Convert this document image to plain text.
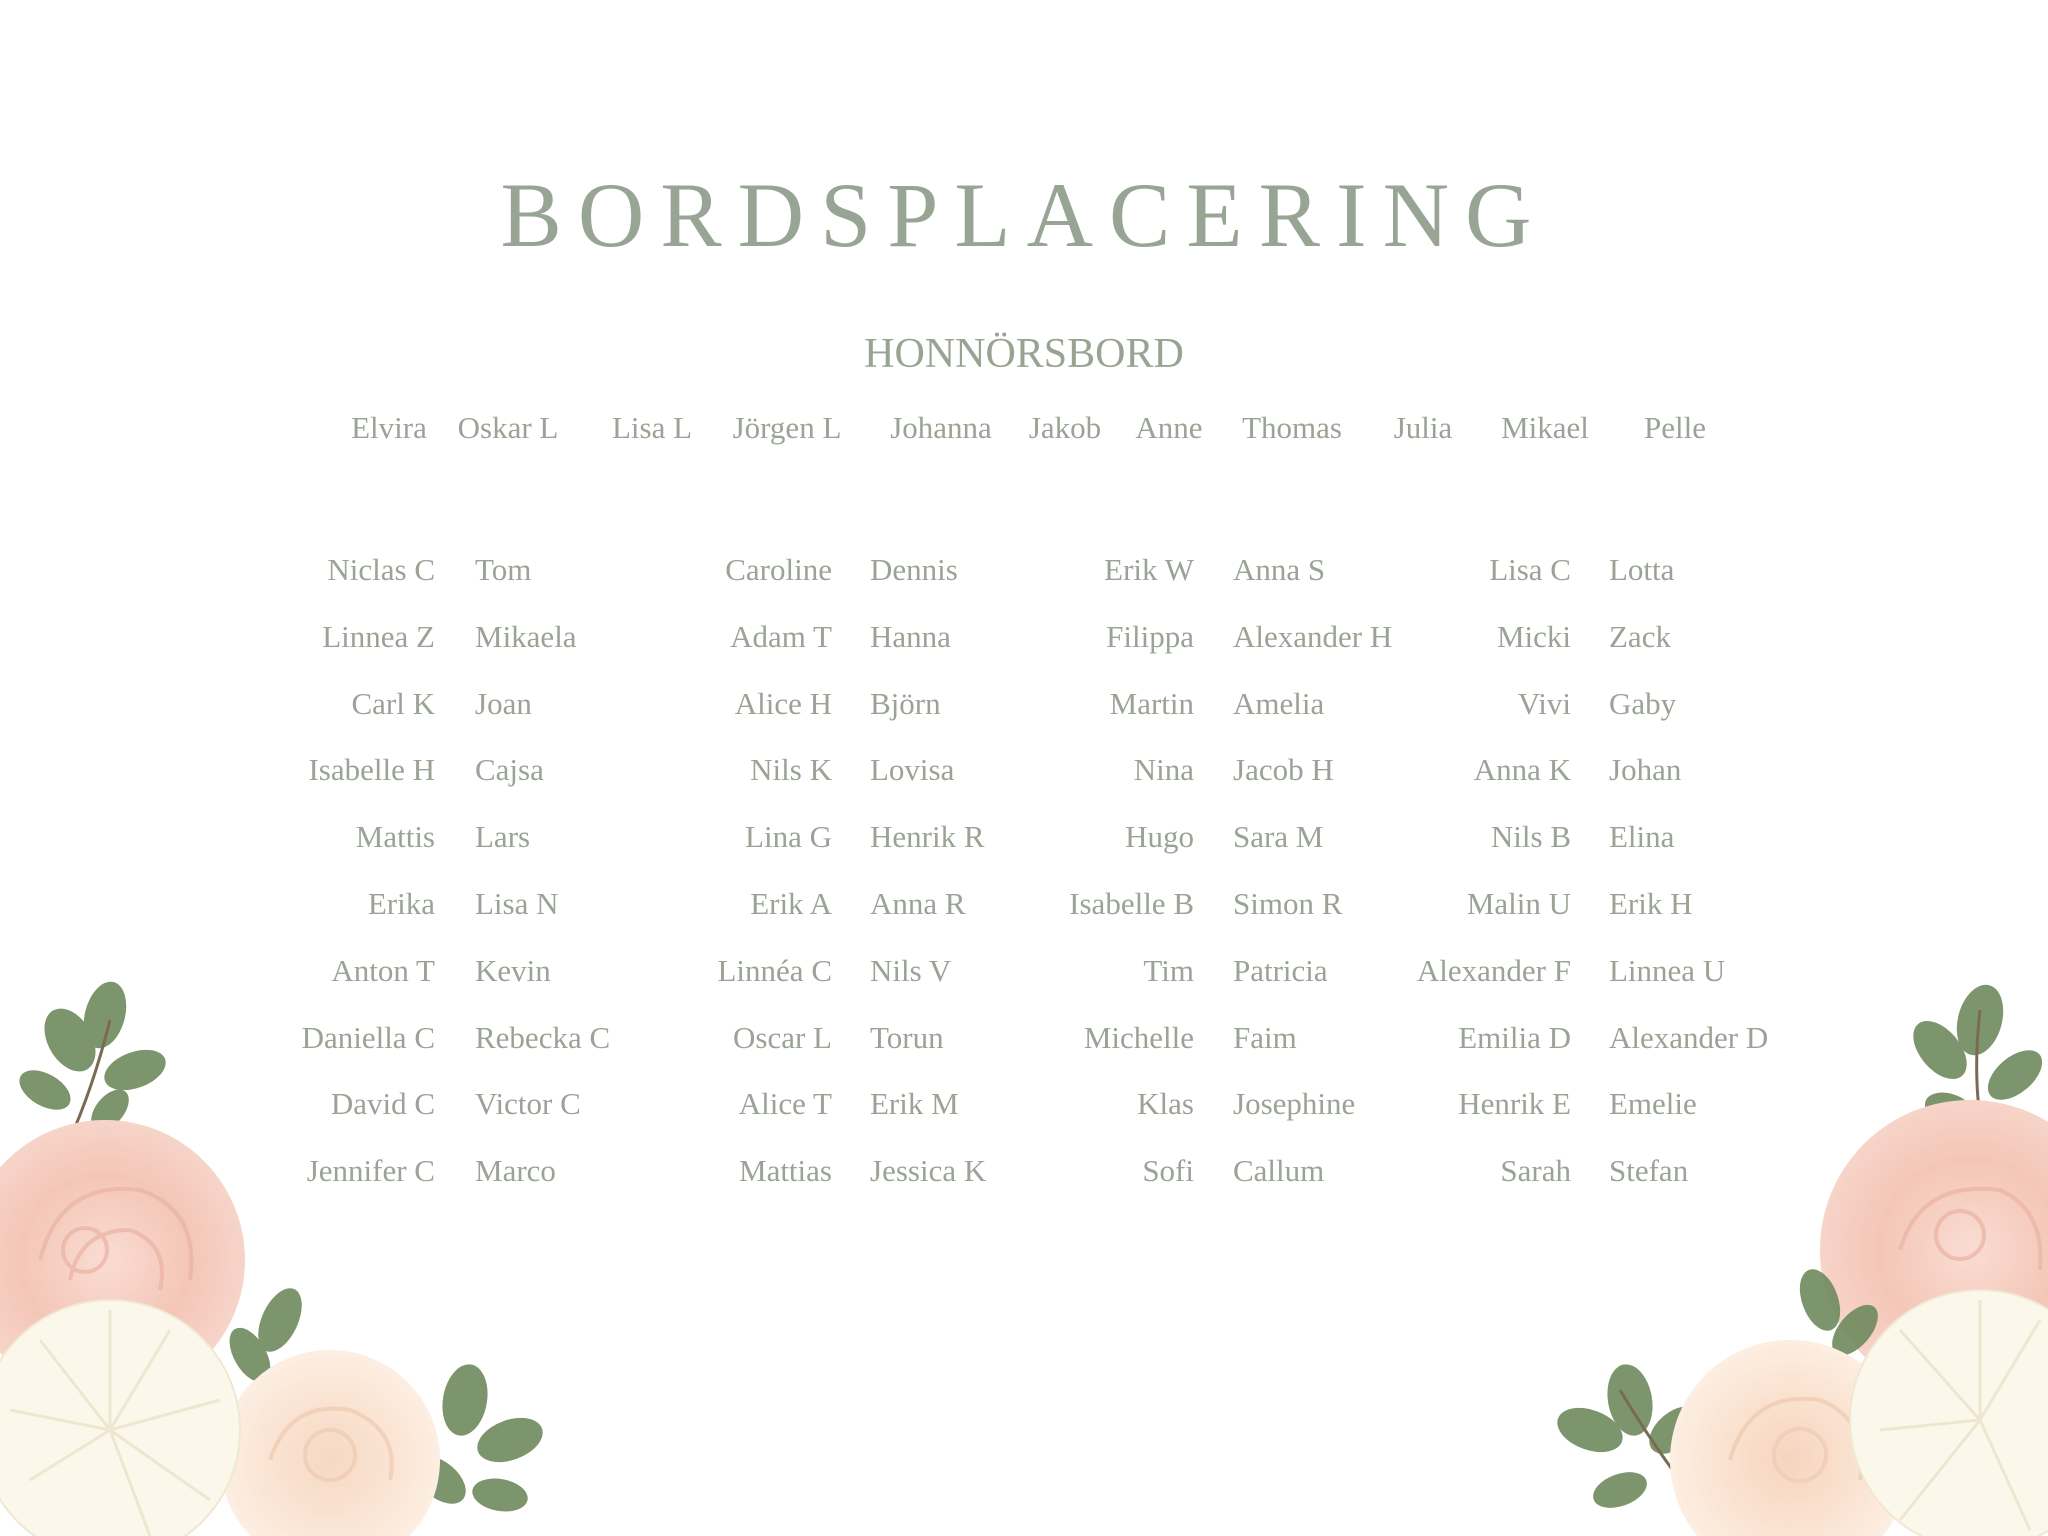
BORDSPLACERING
HONNÖRSBORD
Elvira Oskar L Lisa L Jörgen L Johanna Jakob Anne Thomas Julia Mikael Pelle
Niclas C
Linnea Z
Carl K
Isabelle H
Mattis
Erika
Anton T
Daniella C
David C
Jennifer C
Tom
Mikaela
Joan
Cajsa
Lars
Lisa N
Kevin
Rebecka C
Victor C
Marco
Caroline
Adam T
Alice H
Nils K
Lina G
Erik A
Linnéa C
Oscar L
Alice T
Mattias
Dennis
Hanna
Björn
Lovisa
Henrik R
Anna R
Nils V
Torun
Erik M
Jessica K
Erik W
Filippa
Martin
Nina
Hugo
Isabelle B
Tim
Michelle
Klas
Sofi
Anna S
Alexander H
Amelia
Jacob H
Sara M
Simon R
Patricia
Faim
Josephine
Callum
Lisa C
Micki
Vivi
Anna K
Nils B
Malin U
Alexander F
Emilia D
Henrik E
Sarah
Lotta
Zack
Gaby
Johan
Elina
Erik H
Linnea U
Alexander D
Emelie
Stefan
